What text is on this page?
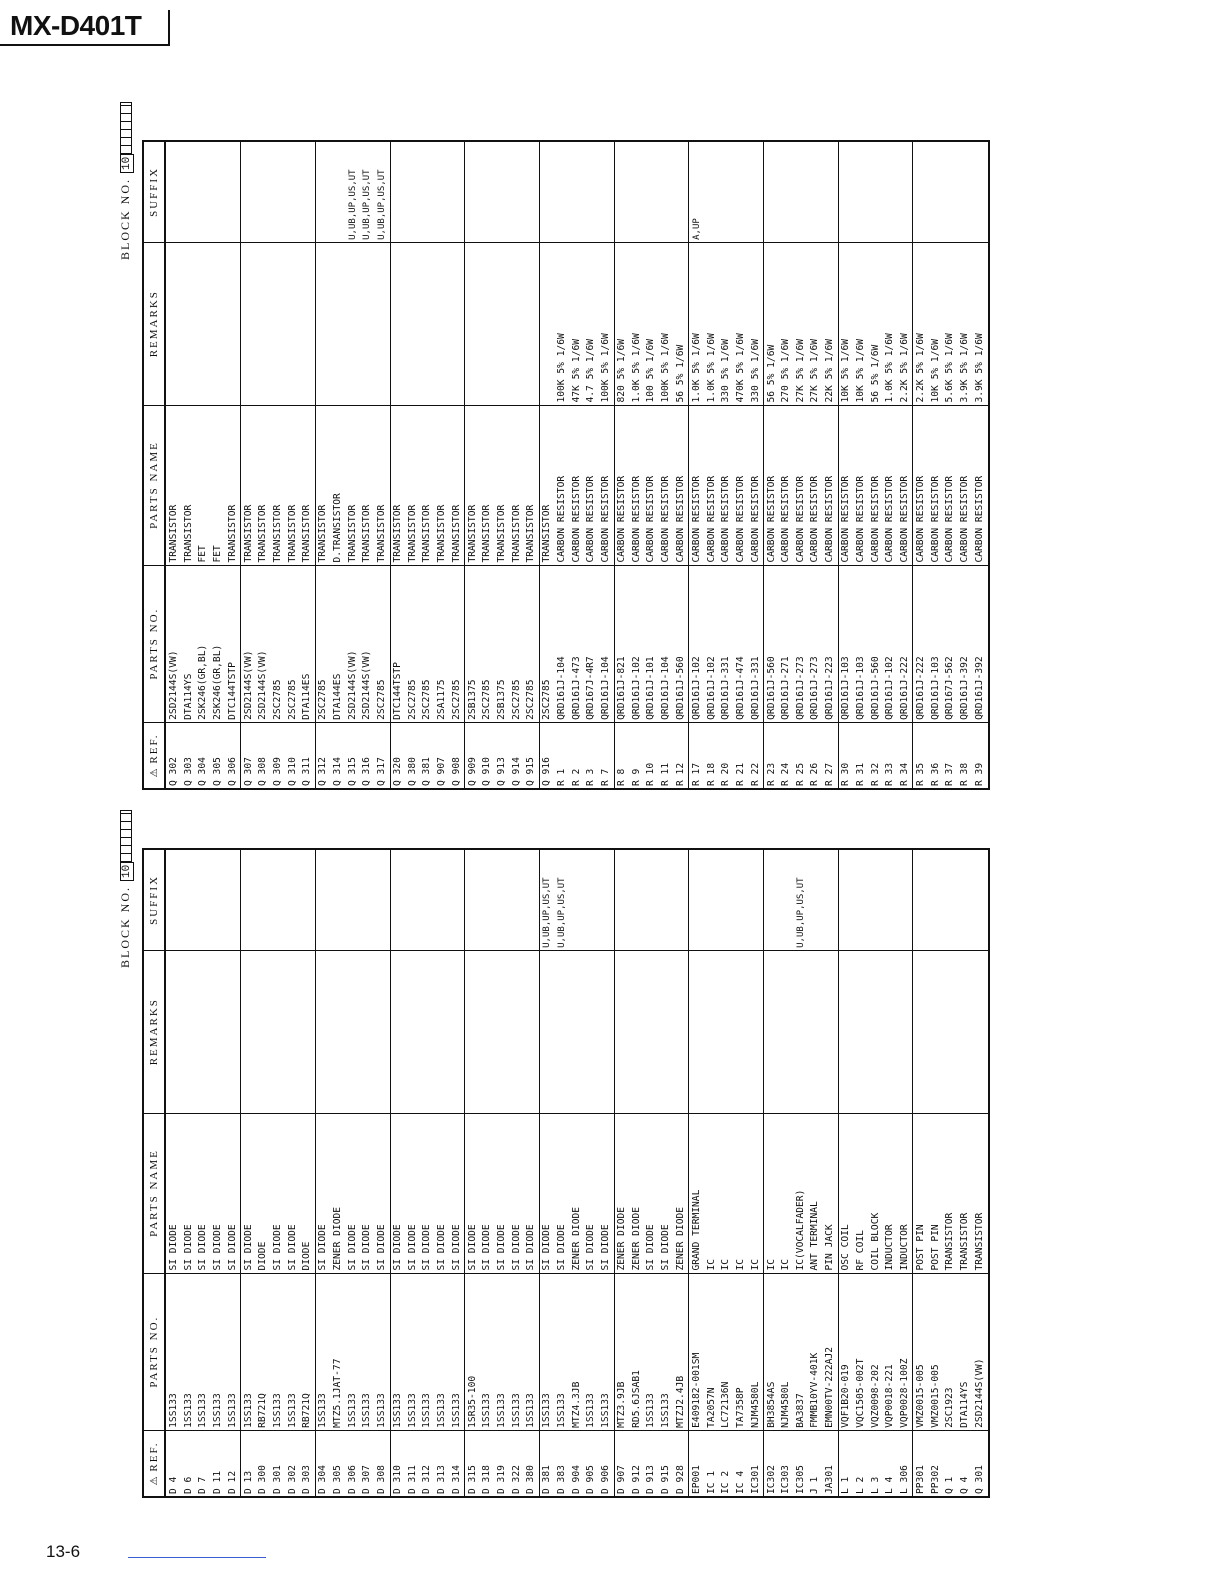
MX-D401T
BLOCK NO. 10
⚠ REF.	PARTS NO.	PARTS NAME	REMARKS	SUFFIX
D 4	1SS133	SI DIODE		
D 6	1SS133	SI DIODE		
D 7	1SS133	SI DIODE		
D 11	1SS133	SI DIODE		
D 12	1SS133	SI DIODE		
D 13	1SS133	SI DIODE		
D 300	RB721Q	DIODE		
D 301	1SS133	SI DIODE		
D 302	1SS133	SI DIODE		
D 303	RB721Q	DIODE		
D 304	1SS133	SI DIODE		
D 305	MTZ5.1JAT-77	ZENER DIODE		
D 306	1SS133	SI DIODE		
D 307	1SS133	SI DIODE		
D 308	1SS133	SI DIODE		
D 310	1SS133	SI DIODE		
D 311	1SS133	SI DIODE		
D 312	1SS133	SI DIODE		
D 313	1SS133	SI DIODE		
D 314	1SS133	SI DIODE		
D 315	1SR35-100	SI DIODE		
D 318	1SS133	SI DIODE		
D 319	1SS133	SI DIODE		
D 322	1SS133	SI DIODE		
D 380	1SS133	SI DIODE		
D 381	1SS133	SI DIODE		U,UB,UP,US,UT
D 383	1SS133	SI DIODE		U,UB,UP,US,UT
D 904	MTZ4.3JB	ZENER DIODE		
D 905	1SS133	SI DIODE		
D 906	1SS133	SI DIODE		
D 907	MTZ3.9JB	ZENER DIODE		
D 912	RD5.6JSAB1	ZENER DIODE		
D 913	1SS133	SI DIODE		
D 915	1SS133	SI DIODE		
D 928	MTZJ2.4JB	ZENER DIODE		
EP001	E409182-001SM	GRAND TERMINAL		
IC 1	TA2057N	IC		
IC 2	LC72136N	IC		
IC 4	TA7358P	IC		
IC301	NJM4580L	IC		
IC302	BH3854AS	IC		
IC303	NJM4580L	IC		
IC305	BA3837	IC(VOCALFADER)		U,UB,UP,US,UT
J 1	FMMB10YV-401K	ANT TERMINAL		
JA301	EMN00TV-222AJ2	PIN JACK		
L 1	VQF1B20-019	OSC COIL		
L 2	VQC1505-002T	RF COIL		
L 3	VQZ0098-202	COIL BLOCK		
L 4	VQP0018-221	INDUCTOR		
L 306	VQP0028-100Z	INDUCTOR		
PP301	VMZ0015-005	POST PIN		
PP302	VMZ0015-005	POST PIN		
Q 1	2SC1923	TRANSISTOR		
Q 4	DTA114YS	TRANSISTOR		
Q 301	2SD2144S(VW)	TRANSISTOR		
BLOCK NO. 10
⚠ REF.	PARTS NO.	PARTS NAME	REMARKS	SUFFIX
Q 302	2SD2144S(VW)	TRANSISTOR		
Q 303	DTA114YS	TRANSISTOR		
Q 304	2SK246(GR,BL)	FET		
Q 305	2SK246(GR,BL)	FET		
Q 306	DTC144TSTP	TRANSISTOR		
Q 307	2SD2144S(VW)	TRANSISTOR		
Q 308	2SD2144S(VW)	TRANSISTOR		
Q 309	2SC2785	TRANSISTOR		
Q 310	2SC2785	TRANSISTOR		
Q 311	DTA114ES	TRANSISTOR		
Q 312	2SC2785	TRANSISTOR		
Q 314	DTA144ES	D.TRANSISTOR		
Q 315	2SD2144S(VW)	TRANSISTOR		U,UB,UP,US,UT
Q 316	2SD2144S(VW)	TRANSISTOR		U,UB,UP,US,UT
Q 317	2SC2785	TRANSISTOR		U,UB,UP,US,UT
Q 320	DTC144TSTP	TRANSISTOR		
Q 380	2SC2785	TRANSISTOR		
Q 381	2SC2785	TRANSISTOR		
Q 907	2SA1175	TRANSISTOR		
Q 908	2SC2785	TRANSISTOR		
Q 909	2SB1375	TRANSISTOR		
Q 910	2SC2785	TRANSISTOR		
Q 913	2SB1375	TRANSISTOR		
Q 914	2SC2785	TRANSISTOR		
Q 915	2SC2785	TRANSISTOR		
Q 916	2SC2785	TRANSISTOR		
R 1	QRD161J-104	CARBON RESISTOR	100K 5% 1/6W	
R 2	QRD161J-473	CARBON RESISTOR	47K 5% 1/6W	
R 3	QRD167J-4R7	CARBON RESISTOR	4.7 5% 1/6W	
R 7	QRD161J-104	CARBON RESISTOR	100K 5% 1/6W	
R 8	QRD161J-821	CARBON RESISTOR	820 5% 1/6W	
R 9	QRD161J-102	CARBON RESISTOR	1.0K 5% 1/6W	
R 10	QRD161J-101	CARBON RESISTOR	100 5% 1/6W	
R 11	QRD161J-104	CARBON RESISTOR	100K 5% 1/6W	
R 12	QRD161J-560	CARBON RESISTOR	56 5% 1/6W	
R 17	QRD161J-102	CARBON RESISTOR	1.0K 5% 1/6W	A,UP
R 18	QRD161J-102	CARBON RESISTOR	1.0K 5% 1/6W	
R 20	QRD161J-331	CARBON RESISTOR	330 5% 1/6W	
R 21	QRD161J-474	CARBON RESISTOR	470K 5% 1/6W	
R 22	QRD161J-331	CARBON RESISTOR	330 5% 1/6W	
R 23	QRD161J-560	CARBON RESISTOR	56 5% 1/6W	
R 24	QRD161J-271	CARBON RESISTOR	270 5% 1/6W	
R 25	QRD161J-273	CARBON RESISTOR	27K 5% 1/6W	
R 26	QRD161J-273	CARBON RESISTOR	27K 5% 1/6W	
R 27	QRD161J-223	CARBON RESISTOR	22K 5% 1/6W	
R 30	QRD161J-103	CARBON RESISTOR	10K 5% 1/6W	
R 31	QRD161J-103	CARBON RESISTOR	10K 5% 1/6W	
R 32	QRD161J-560	CARBON RESISTOR	56 5% 1/6W	
R 33	QRD161J-102	CARBON RESISTOR	1.0K 5% 1/6W	
R 34	QRD161J-222	CARBON RESISTOR	2.2K 5% 1/6W	
R 35	QRD161J-222	CARBON RESISTOR	2.2K 5% 1/6W	
R 36	QRD161J-103	CARBON RESISTOR	10K 5% 1/6W	
R 37	QRD167J-562	CARBON RESISTOR	5.6K 5% 1/6W	
R 38	QRD161J-392	CARBON RESISTOR	3.9K 5% 1/6W	
R 39	QRD161J-392	CARBON RESISTOR	3.9K 5% 1/6W	
13-6
